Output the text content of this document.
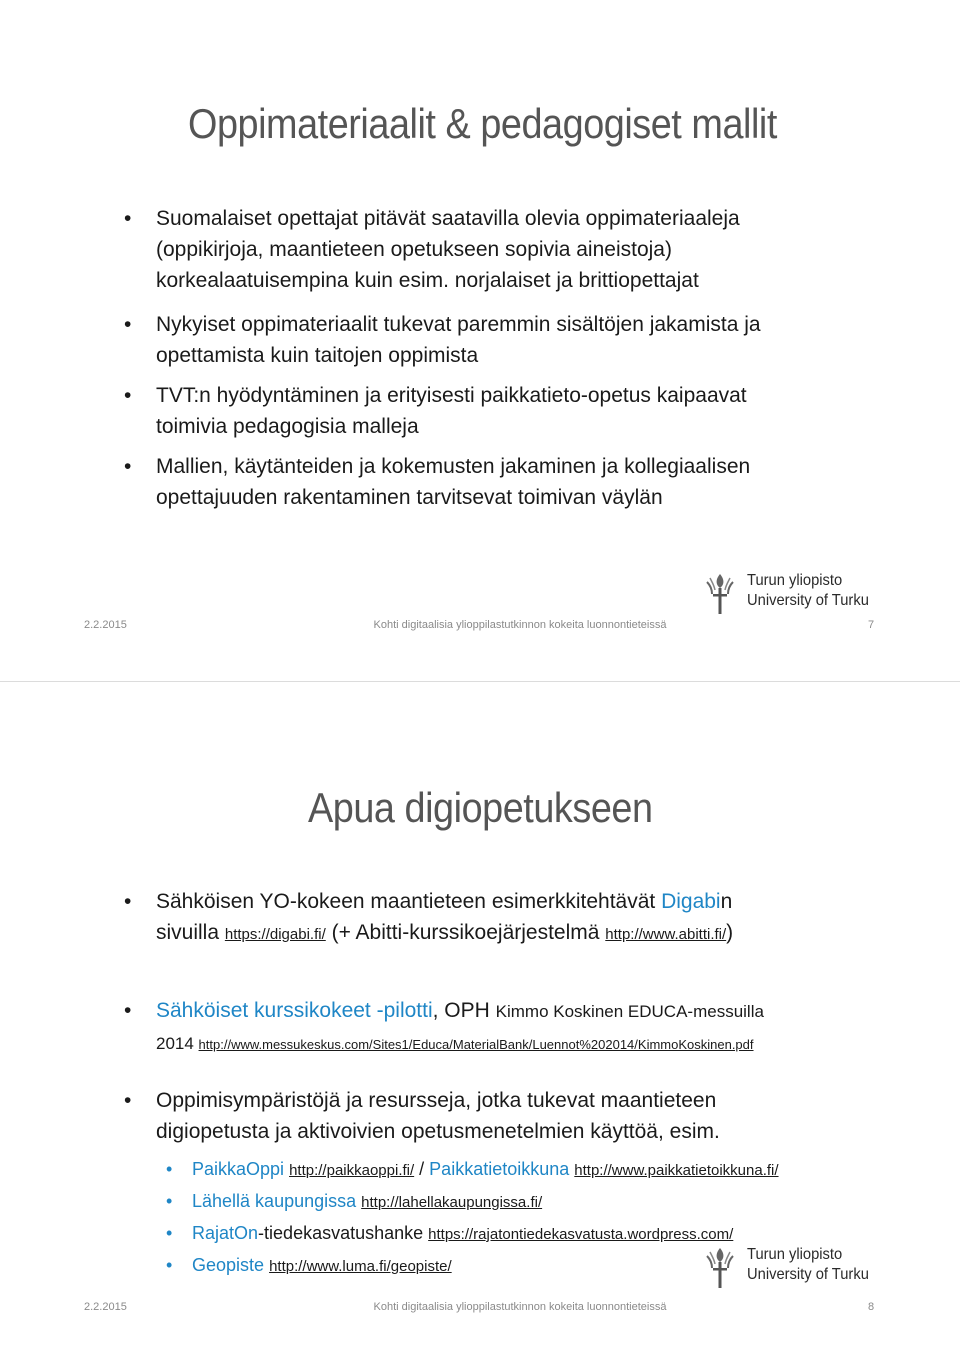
Oppimateriaalit & pedagogiset mallit
• Suomalaiset opettajat pitävät saatavilla olevia oppimateriaaleja
(oppikirjoja, maantieteen opetukseen sopivia aineistoja)
korkealaatuisempina kuin esim. norjalaiset ja brittiopettajat
• Nykyiset oppimateriaalit tukevat paremmin sisältöjen jakamista ja
opettamista kuin taitojen oppimista
• TVT:n hyödyntäminen ja erityisesti paikkatieto-opetus kaipaavat
toimivia pedagogisia malleja
• Mallien, käytänteiden ja kokemusten jakaminen ja kollegiaalisen
opettajuuden rakentaminen tarvitsevat toimivan väylän
Turun yliopisto
University of Turku
2.2.2015	Kohti digitaalisia ylioppilastutkinnon kokeita luonnontieteissä	7
Apua digiopetukseen
• Sähköisen YO-kokeen maantieteen esimerkkitehtävät Digabin
sivuilla https://digabi.fi/ (+ Abitti-kurssikoejärjestelmä http://www.abitti.fi/)
• Sähköiset kurssikokeet -pilotti, OPH Kimmo Koskinen EDUCA-messuilla
2014 http://www.messukeskus.com/Sites1/Educa/MaterialBank/Luennot%202014/KimmoKoskinen.pdf
• Oppimisympäristöjä ja resursseja, jotka tukevat maantieteen
digiopetusta ja aktivoivien opetusmenetelmien käyttöä, esim.
• PaikkaOppi http://paikkaoppi.fi/ / Paikkatietoikkuna http://www.paikkatietoikkuna.fi/
• Lähellä kaupungissa http://lahellakaupungissa.fi/
• RajatOn-tiedekasvatushanke https://rajatontiedekasvatusta.wordpress.com/
• Geopiste http://www.luma.fi/geopiste/
Turun yliopisto
University of Turku
2.2.2015	Kohti digitaalisia ylioppilastutkinnon kokeita luonnontieteissä	8
